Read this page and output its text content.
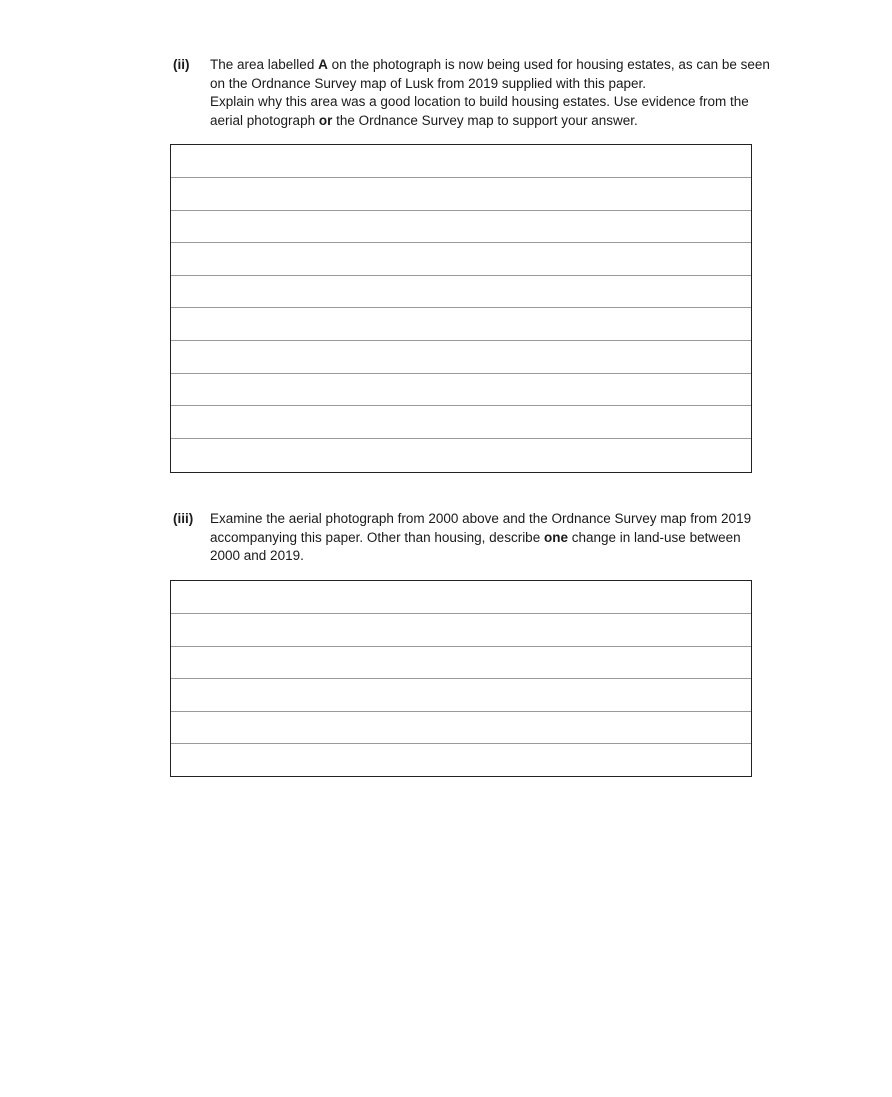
(ii) The area labelled A on the photograph is now being used for housing estates, as can be seen on the Ordnance Survey map of Lusk from 2019 supplied with this paper.
Explain why this area was a good location to build housing estates. Use evidence from the aerial photograph or the Ordnance Survey map to support your answer.
(iii) Examine the aerial photograph from 2000 above and the Ordnance Survey map from 2019 accompanying this paper. Other than housing, describe one change in land-use between 2000 and 2019.
